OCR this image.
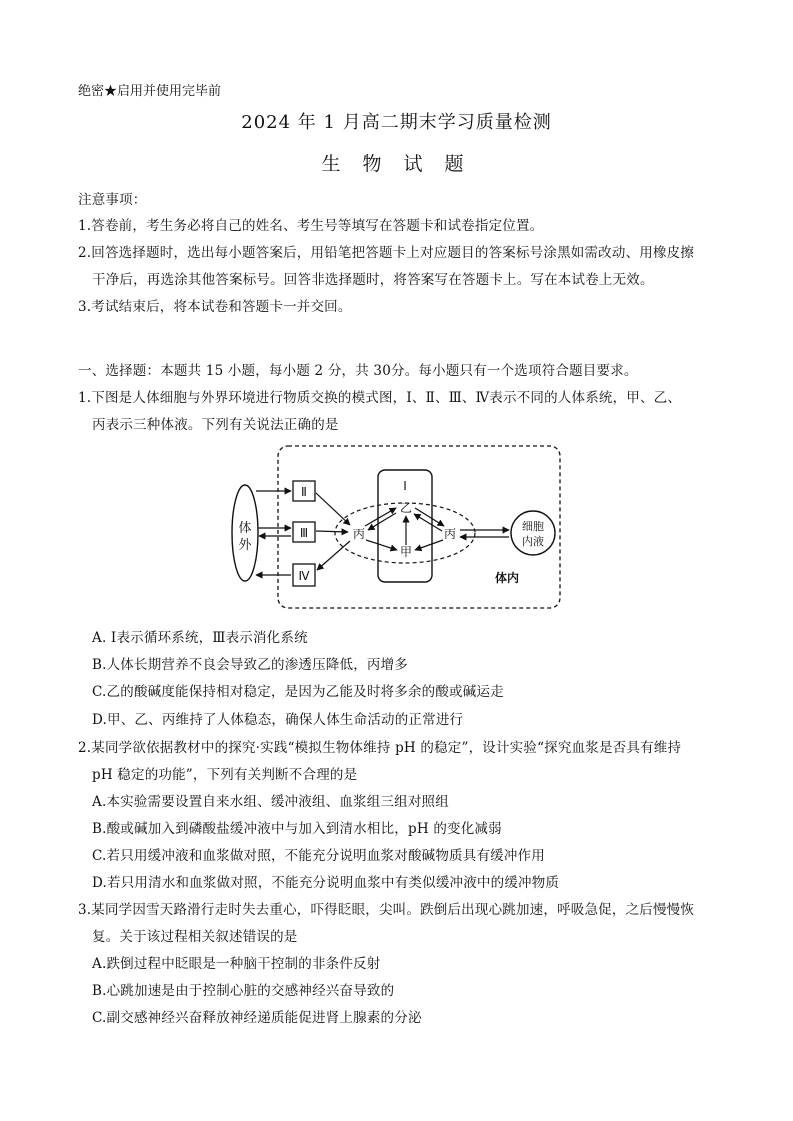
绝密★启用并使用完毕前
2024 年 1 月高二期末学习质量检测
生 物 试 题
注意事项：
1.答卷前，考生务必将自己的姓名、考生号等填写在答题卡和试卷指定位置。
2.回答选择题时，选出每小题答案后，用铅笔把答题卡上对应题目的答案标号涂黑如需改动、用橡皮擦
干净后，再选涂其他答案标号。回答非选择题时，将答案写在答题卡上。写在本试卷上无效。
3.考试结束后，将本试卷和答题卡一并交回。
一、选择题：本题共 15 小题，每小题 2 分，共 30分。每小题只有一个选项符合题目要求。
1.下图是人体细胞与外界环境进行物质交换的模式图，Ⅰ、Ⅱ、Ⅲ、Ⅳ表示不同的人体系统，甲、乙、
丙表示三种体液。下列有关说法正确的是
体
外
Ⅱ
Ⅲ
Ⅳ
Ⅰ
丙
乙
甲
丙
细胞
内液
体内
A. Ⅰ表示循环系统，Ⅲ表示消化系统
B.人体长期营养不良会导致乙的渗透压降低，丙增多
C.乙的酸碱度能保持相对稳定，是因为乙能及时将多余的酸或碱运走
D.甲、乙、丙维持了人体稳态，确保人体生命活动的正常进行
2.某同学欲依据教材中的探究·实践“模拟生物体维持 pH 的稳定”，设计实验“探究血浆是否具有维持
pH 稳定的功能”，下列有关判断不合理的是
A.本实验需要设置自来水组、缓冲液组、血浆组三组对照组
B.酸或碱加入到磷酸盐缓冲液中与加入到清水相比，pH 的变化减弱
C.若只用缓冲液和血浆做对照，不能充分说明血浆对酸碱物质具有缓冲作用
D.若只用清水和血浆做对照，不能充分说明血浆中有类似缓冲液中的缓冲物质
3.某同学因雪天路滑行走时失去重心，吓得眨眼，尖叫。跌倒后出现心跳加速，呼吸急促，之后慢慢恢
复。关于该过程相关叙述错误的是
A.跌倒过程中眨眼是一种脑干控制的非条件反射
B.心跳加速是由于控制心脏的交感神经兴奋导致的
C.副交感神经兴奋释放神经递质能促进肾上腺素的分泌
